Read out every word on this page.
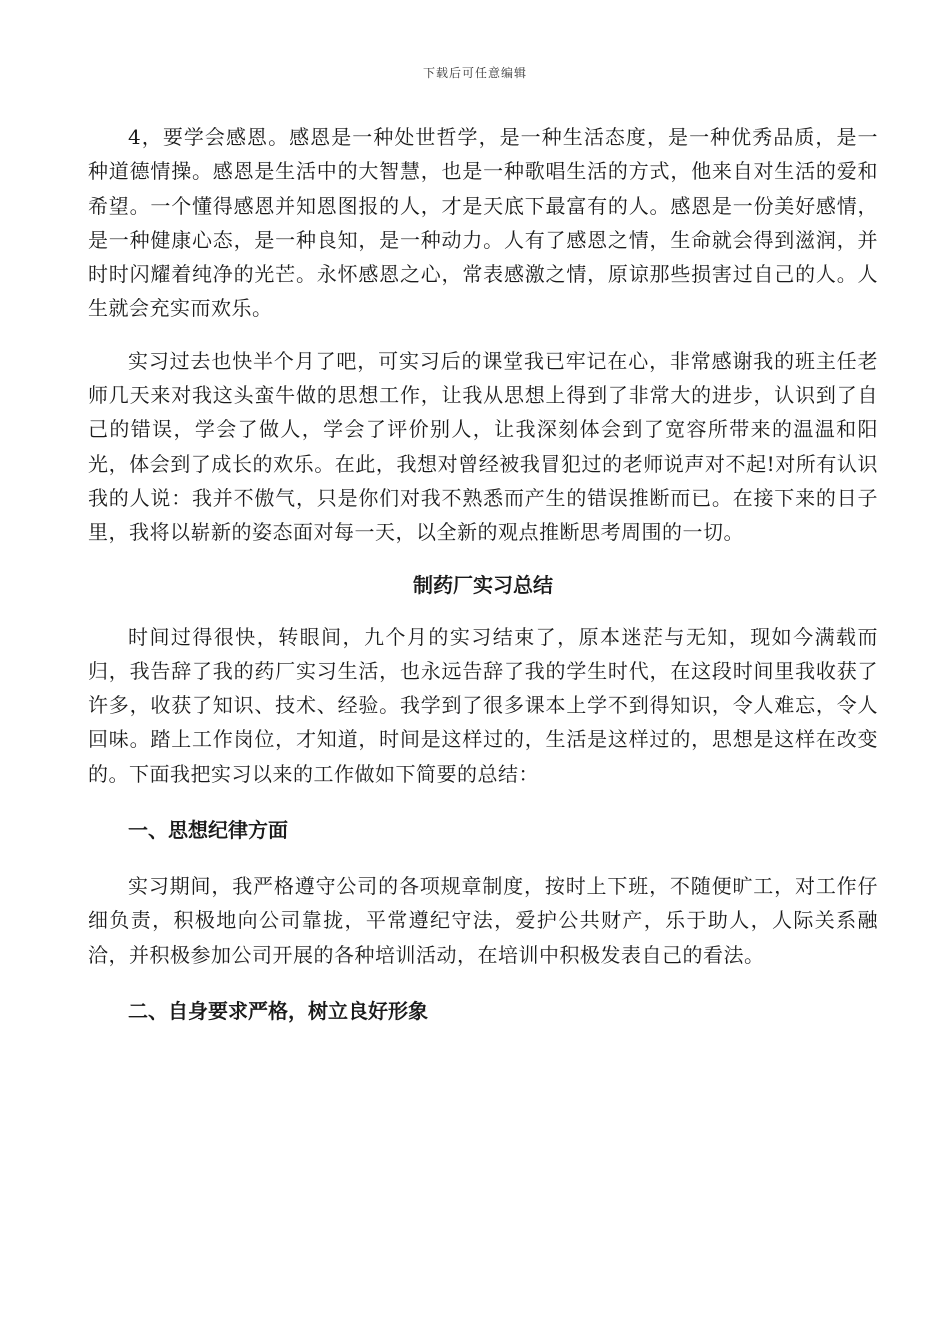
下载后可任意编辑

4，要学会感恩。感恩是一种处世哲学，是一种生活态度，是一种优秀品质，是一种道德情操。感恩是生活中的大智慧，也是一种歌唱生活的方式，他来自对生活的爱和希望。一个懂得感恩并知恩图报的人，才是天底下最富有的人。感恩是一份美好感情，是一种健康心态，是一种良知，是一种动力。人有了感恩之情，生命就会得到滋润，并时时闪耀着纯净的光芒。永怀感恩之心，常表感激之情，原谅那些损害过自己的人。人生就会充实而欢乐。

实习过去也快半个月了吧，可实习后的课堂我已牢记在心，非常感谢我的班主任老师几天来对我这头蛮牛做的思想工作，让我从思想上得到了非常大的进步，认识到了自己的错误，学会了做人，学会了评价别人，让我深刻体会到了宽容所带来的温温和阳光，体会到了成长的欢乐。在此，我想对曾经被我冒犯过的老师说声对不起!对所有认识我的人说：我并不傲气，只是你们对我不熟悉而产生的错误推断而已。在接下来的日子里，我将以崭新的姿态面对每一天，以全新的观点推断思考周围的一切。

制药厂实习总结

时间过得很快，转眼间，九个月的实习结束了，原本迷茫与无知，现如今满载而归，我告辞了我的药厂实习生活，也永远告辞了我的学生时代，在这段时间里我收获了许多，收获了知识、技术、经验。我学到了很多课本上学不到得知识，令人难忘，令人回味。踏上工作岗位，才知道，时间是这样过的，生活是这样过的，思想是这样在改变的。下面我把实习以来的工作做如下简要的总结：

一、思想纪律方面

实习期间，我严格遵守公司的各项规章制度，按时上下班，不随便旷工，对工作仔细负责，积极地向公司靠拢，平常遵纪守法，爱护公共财产，乐于助人，人际关系融洽，并积极参加公司开展的各种培训活动，在培训中积极发表自己的看法。

二、自身要求严格，树立良好形象
